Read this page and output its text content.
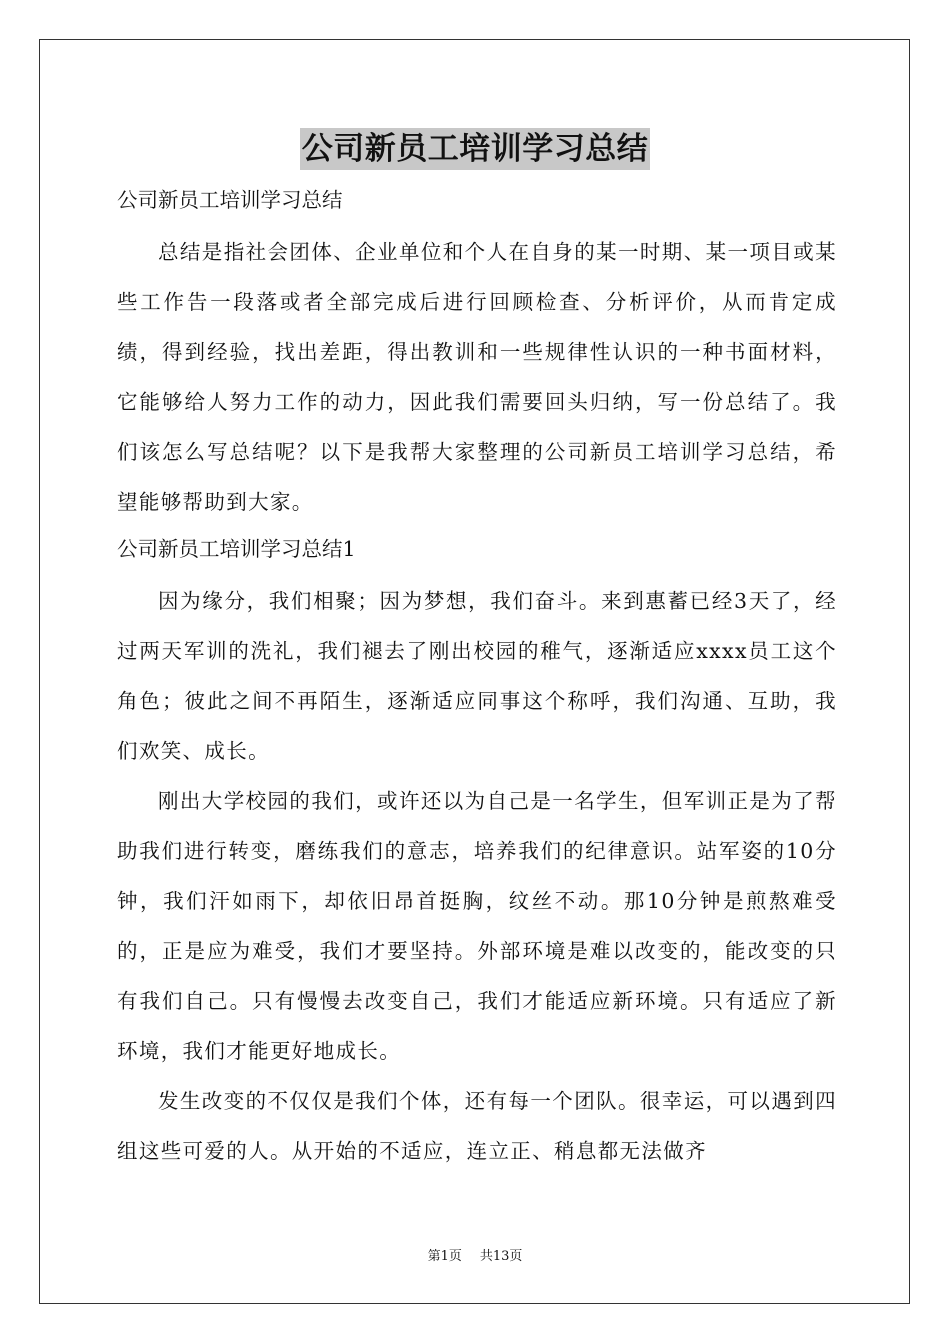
公司新员工培训学习总结
公司新员工培训学习总结

总结是指社会团体、企业单位和个人在自身的某一时期、某一项目或某些工作告一段落或者全部完成后进行回顾检查、分析评价，从而肯定成绩，得到经验，找出差距，得出教训和一些规律性认识的一种书面材料，它能够给人努力工作的动力，因此我们需要回头归纳，写一份总结了。我们该怎么写总结呢？以下是我帮大家整理的公司新员工培训学习总结，希望能够帮助到大家。

公司新员工培训学习总结1

因为缘分，我们相聚；因为梦想，我们奋斗。来到惠蓄已经3天了，经过两天军训的洗礼，我们褪去了刚出校园的稚气，逐渐适应xxxx员工这个角色；彼此之间不再陌生，逐渐适应同事这个称呼，我们沟通、互助，我们欢笑、成长。

刚出大学校园的我们，或许还以为自己是一名学生，但军训正是为了帮助我们进行转变，磨练我们的意志，培养我们的纪律意识。站军姿的10分钟，我们汗如雨下，却依旧昂首挺胸，纹丝不动。那10分钟是煎熬难受的，正是应为难受，我们才要坚持。外部环境是难以改变的，能改变的只有我们自己。只有慢慢去改变自己，我们才能适应新环境。只有适应了新环境，我们才能更好地成长。

发生改变的不仅仅是我们个体，还有每一个团队。很幸运，可以遇到四组这些可爱的人。从开始的不适应，连立正、稍息都无法做齐

第1页 共13页
